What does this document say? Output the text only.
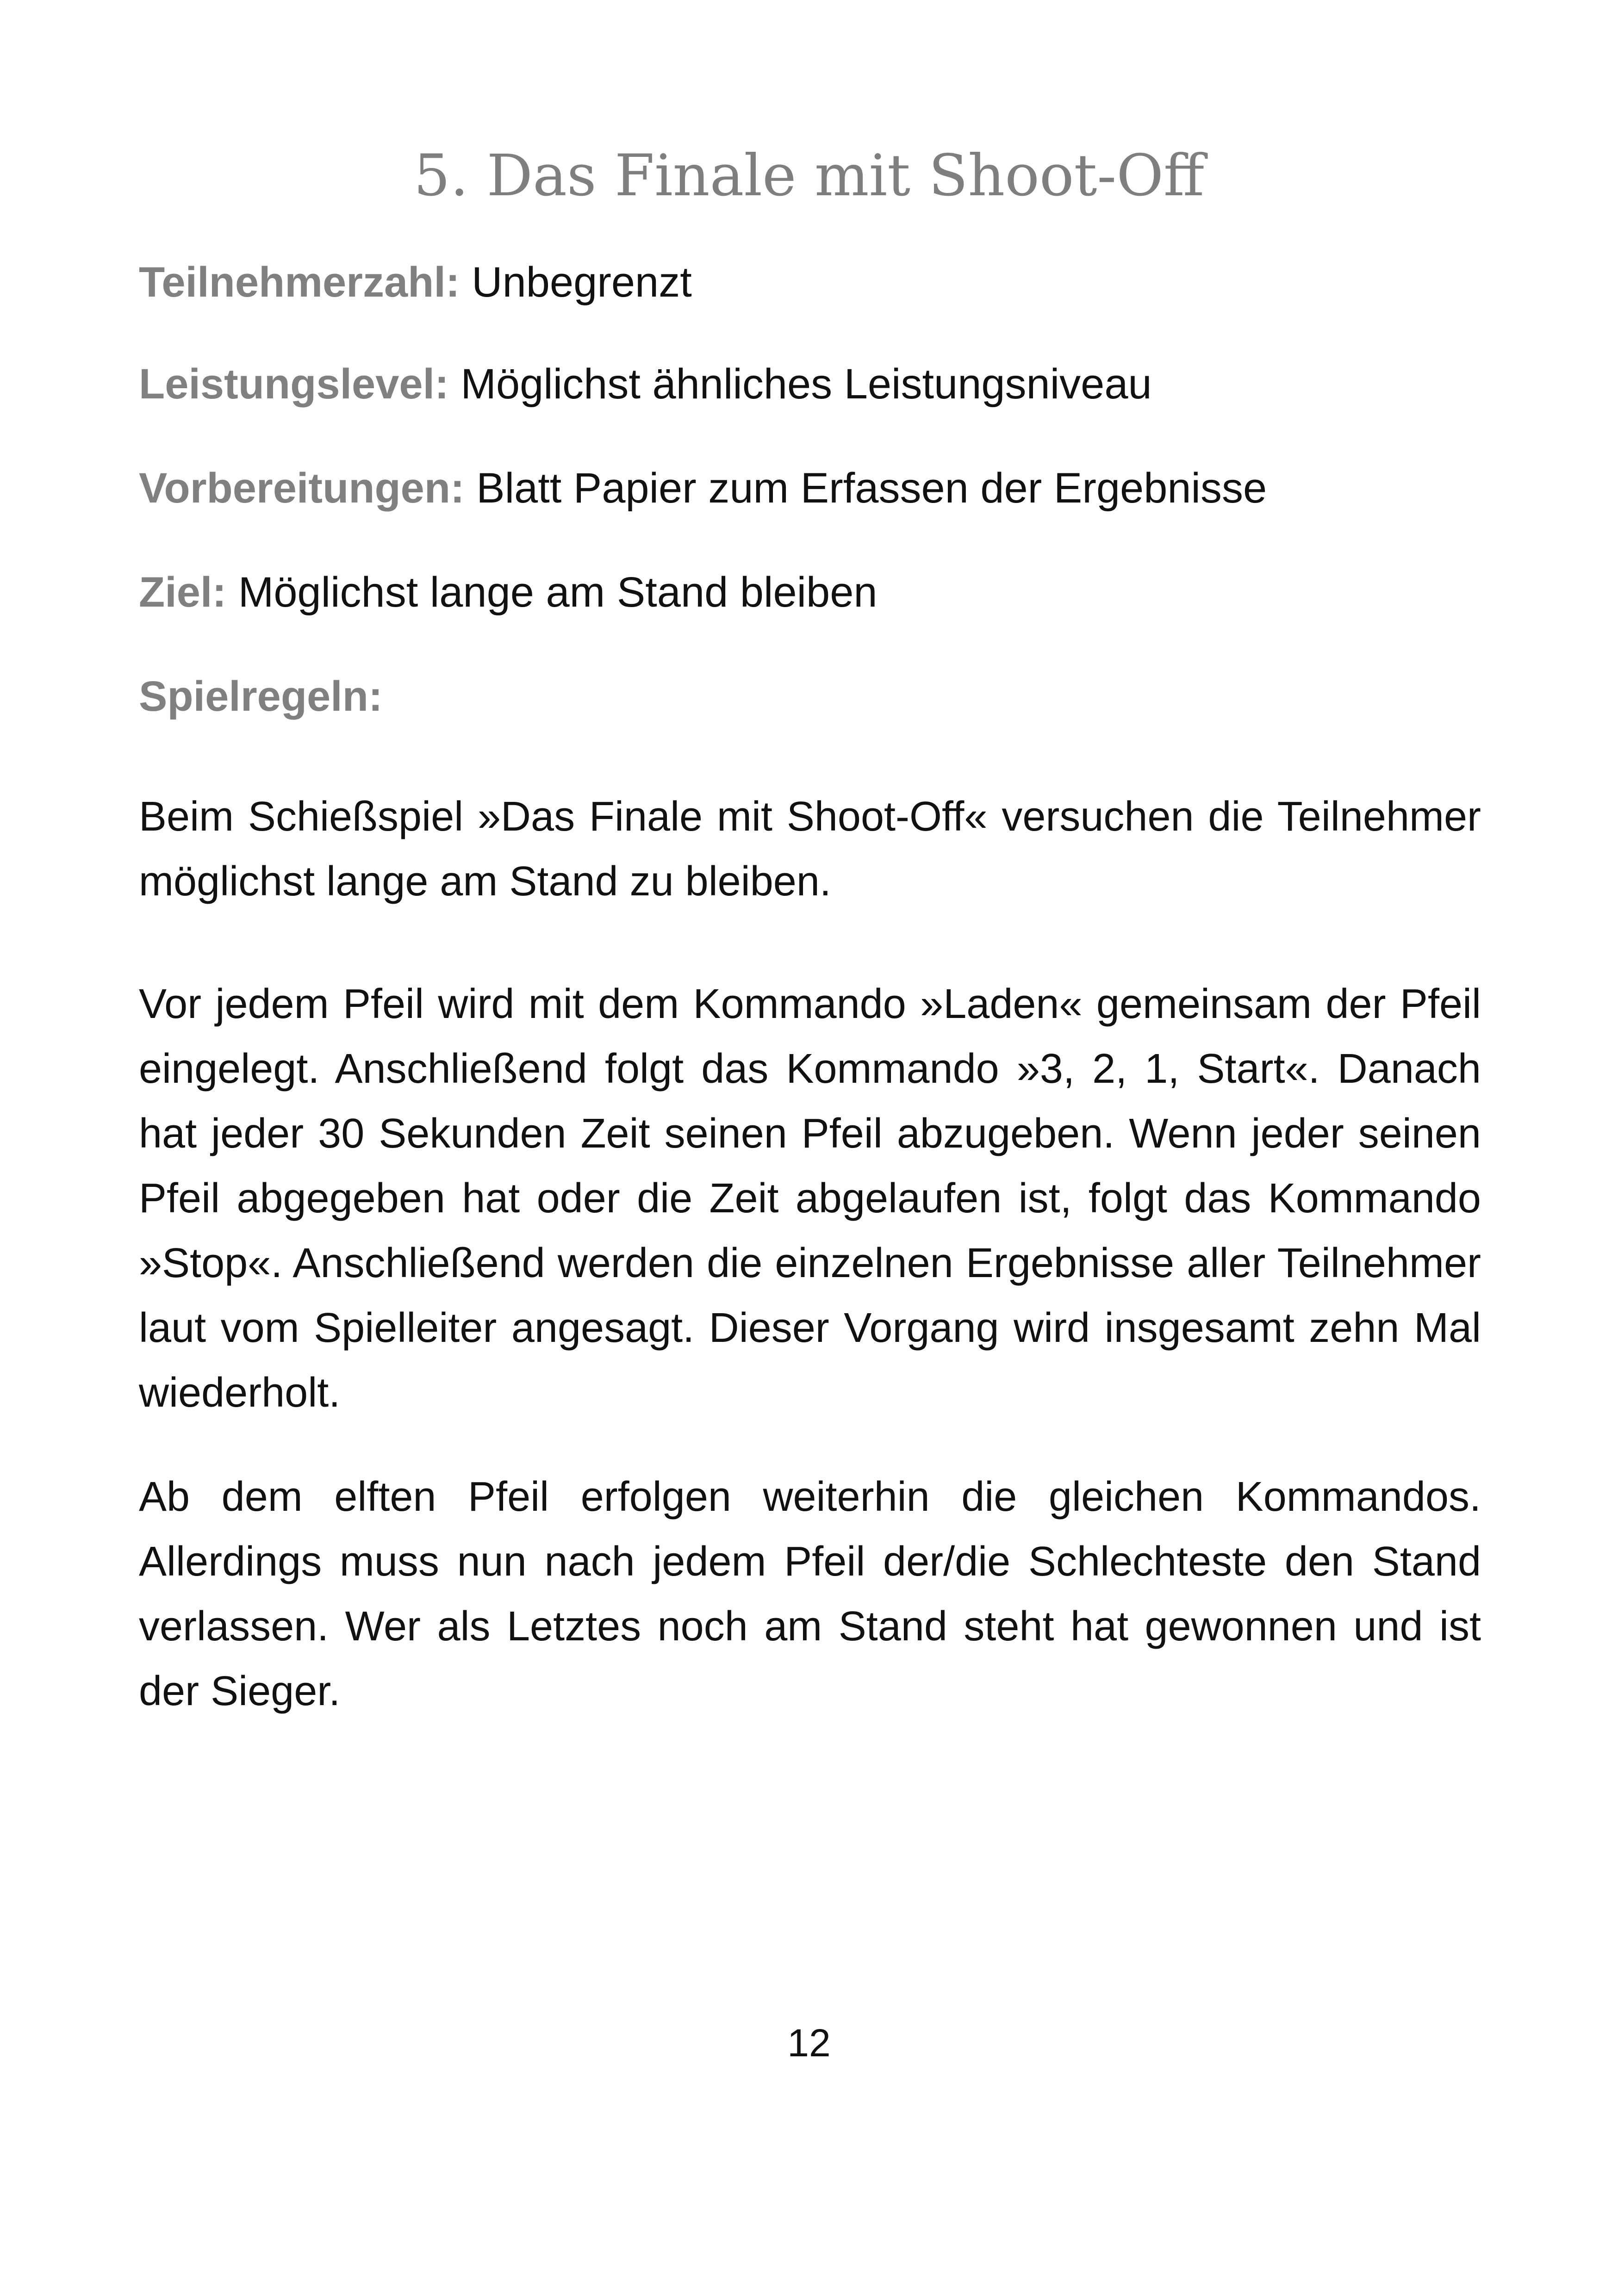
5. Das Finale mit Shoot-Off
Teilnehmerzahl: Unbegrenzt
Leistungslevel: Möglichst ähnliches Leistungsniveau
Vorbereitungen: Blatt Papier zum Erfassen der Ergebnisse
Ziel: Möglichst lange am Stand bleiben
Spielregeln:

Beim Schießspiel »Das Finale mit Shoot-Off« versuchen die Teilnehmer möglichst lange am Stand zu bleiben.

Vor jedem Pfeil wird mit dem Kommando »Laden« gemeinsam der Pfeil eingelegt. Anschließend folgt das Kommando »3, 2, 1, Start«. Danach hat jeder 30 Sekunden Zeit seinen Pfeil abzugeben. Wenn jeder seinen Pfeil abgegeben hat oder die Zeit abgelaufen ist, folgt das Kommando »Stop«. Anschließend werden die einzelnen Ergebnisse aller Teilnehmer laut vom Spielleiter angesagt. Dieser Vorgang wird insgesamt zehn Mal wiederholt.

Ab dem elften Pfeil erfolgen weiterhin die gleichen Kommandos. Allerdings muss nun nach jedem Pfeil der/die Schlechteste den Stand verlassen. Wer als Letztes noch am Stand steht hat gewonnen und ist der Sieger.

12
